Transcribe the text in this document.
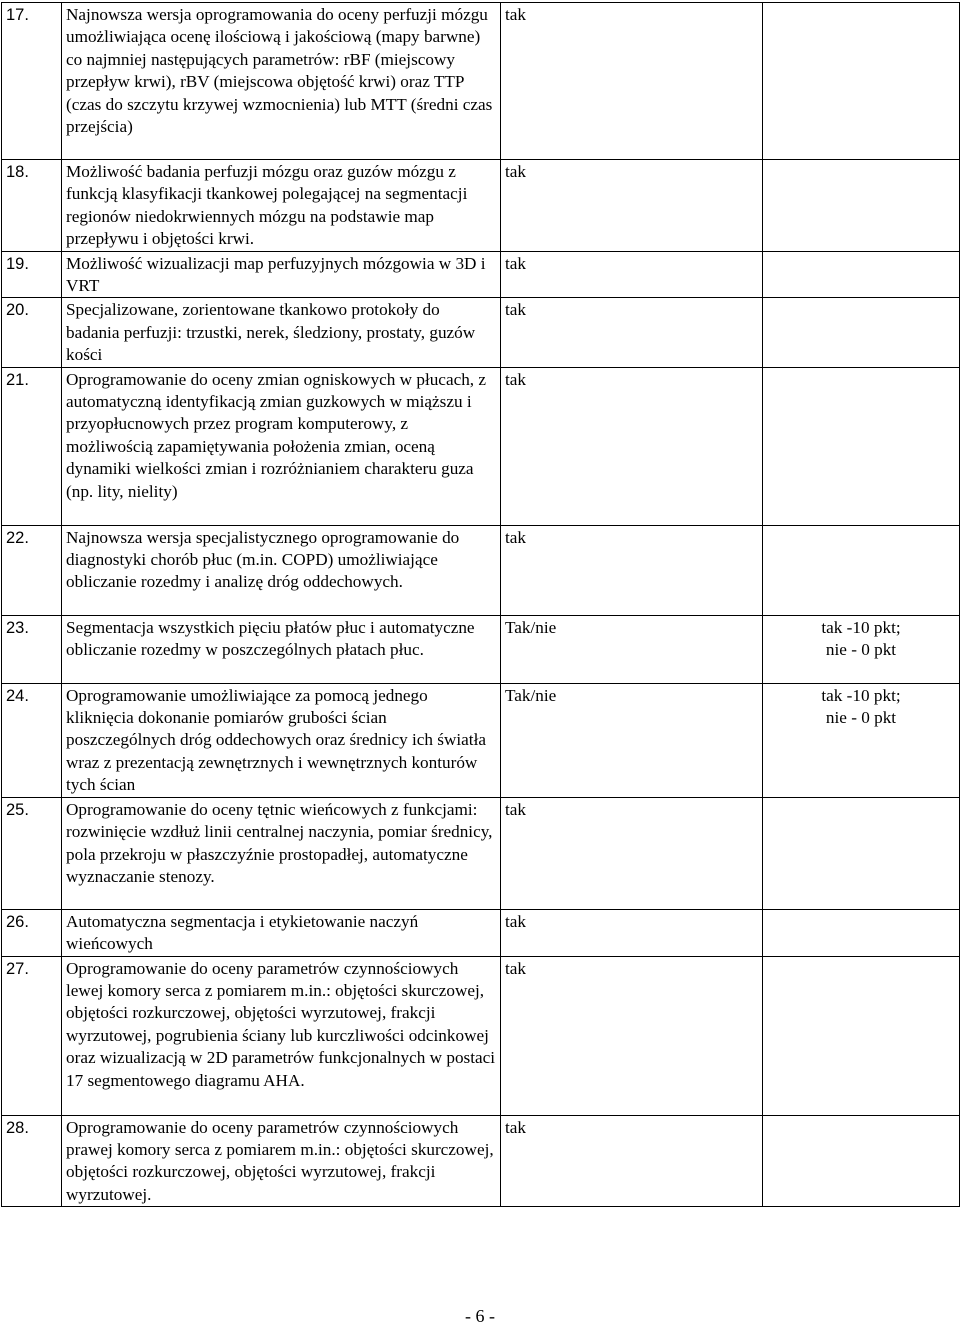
17.	Najnowsza wersja oprogramowania do oceny perfuzji mózgu umożliwiająca ocenę ilościową i jakościową (mapy barwne) co najmniej następujących parametrów: rBF (miejscowy przepływ krwi), rBV (miejscowa objętość krwi) oraz TTP (czas do szczytu krzywej wzmocnienia) lub MTT (średni czas przejścia)	tak	
18.	Możliwość badania perfuzji mózgu oraz guzów mózgu z funkcją klasyfikacji tkankowej polegającej na segmentacji regionów niedokrwiennych mózgu na podstawie map przepływu i objętości krwi.	tak	
19.	Możliwość wizualizacji map perfuzyjnych mózgowia w 3D i VRT	tak	
20.	Specjalizowane, zorientowane tkankowo protokoły do badania perfuzji: trzustki, nerek, śledziony, prostaty, guzów kości	tak	
21.	Oprogramowanie do oceny zmian ogniskowych w płucach, z automatyczną identyfikacją zmian guzkowych w miąższu i przyopłucnowych przez program komputerowy, z możliwością zapamiętywania położenia zmian, oceną dynamiki wielkości zmian i rozróżnianiem charakteru guza (np. lity, nielity)	tak	
22.	Najnowsza wersja specjalistycznego oprogramowanie do diagnostyki chorób płuc (m.in. COPD) umożliwiające obliczanie rozedmy i analizę dróg oddechowych.	tak	
23.	Segmentacja wszystkich pięciu płatów płuc i automatyczne obliczanie rozedmy w poszczególnych płatach płuc.	Tak/nie	tak -10 pkt;
nie - 0 pkt

24.	Oprogramowanie umożliwiające za pomocą jednego kliknięcia dokonanie pomiarów grubości ścian poszczególnych dróg oddechowych oraz średnicy ich światła wraz z prezentacją zewnętrznych i wewnętrznych konturów tych ścian	Tak/nie	tak -10 pkt;
nie - 0 pkt

25.	Oprogramowanie do oceny tętnic wieńcowych z funkcjami: rozwinięcie wzdłuż linii centralnej naczynia, pomiar średnicy, pola przekroju w płaszczyźnie prostopadłej, automatyczne wyznaczanie stenozy.	tak	
26.	Automatyczna segmentacja i etykietowanie naczyń wieńcowych	tak	
27.	Oprogramowanie do oceny parametrów czynnościowych lewej komory serca z pomiarem m.in.: objętości skurczowej, objętości rozkurczowej, objętości wyrzutowej, frakcji wyrzutowej, pogrubienia ściany lub kurczliwości odcinkowej oraz wizualizacją w 2D parametrów funkcjonalnych w postaci 17 segmentowego diagramu AHA.	tak	
28.	Oprogramowanie do oceny parametrów czynnościowych prawej komory serca z pomiarem m.in.: objętości skurczowej, objętości rozkurczowej, objętości wyrzutowej, frakcji wyrzutowej.	tak	
- 6 -
